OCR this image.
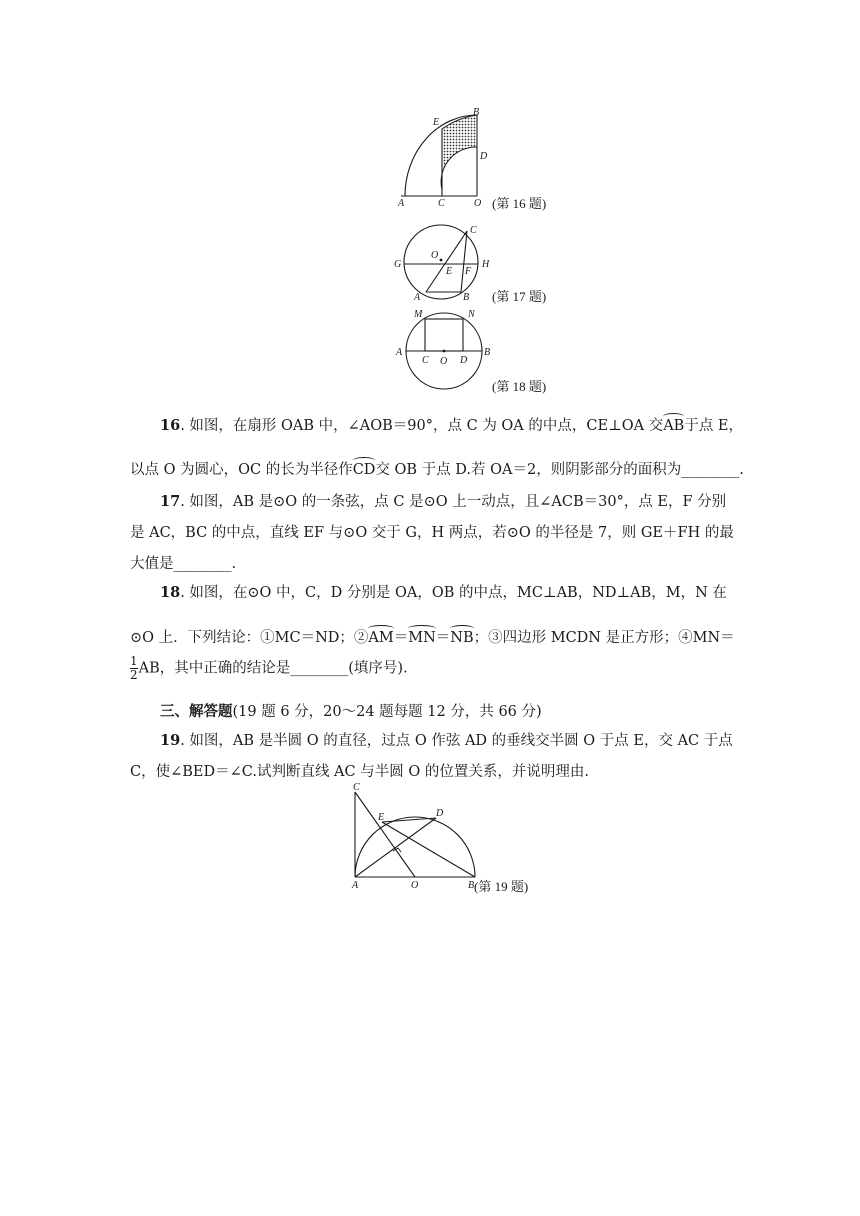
A	C	O
E
B
D
(第 16 题)
G	H
O
E F
C
A	B (第 17 题)
M	N
A
C O D
B
(第 18 题)
16. 如图，在扇形 OAB 中，∠AOB＝90°，点 C 为 OA 的中点，CE⊥OA 交AB于点 E，
以点 O 为圆心，OC 的长为半径作CD交 OB 于点 D.若 OA＝2，则阴影部分的面积为________.
17. 如图，AB 是⊙O 的一条弦，点 C 是⊙O 上一动点，且∠ACB＝30°，点 E，F 分别
是 AC，BC 的中点，直线 EF 与⊙O 交于 G，H 两点，若⊙O 的半径是 7，则 GE＋FH 的最
大值是________.
18. 如图，在⊙O 中，C，D 分别是 OA，OB 的中点，MC⊥AB，ND⊥AB，M，N 在
⊙O 上．下列结论：①MC＝ND；②AM＝MN＝NB；③四边形 MCDN 是正方形；④MN＝
$\frac{1}{2}$ AB，其中正确的结论是________(填序号).
三、解答题(19 题 6 分，20～24 题每题 12 分，共 66 分)
19. 如图，AB 是半圆 O 的直径，过点 O 作弦 AD 的垂线交半圆 O 于点 E，交 AC 于点
C，使∠BED＝∠C.试判断直线 AC 与半圆 O 的位置关系，并说明理由.
C
E	D
A	O	B (第 19 题)
